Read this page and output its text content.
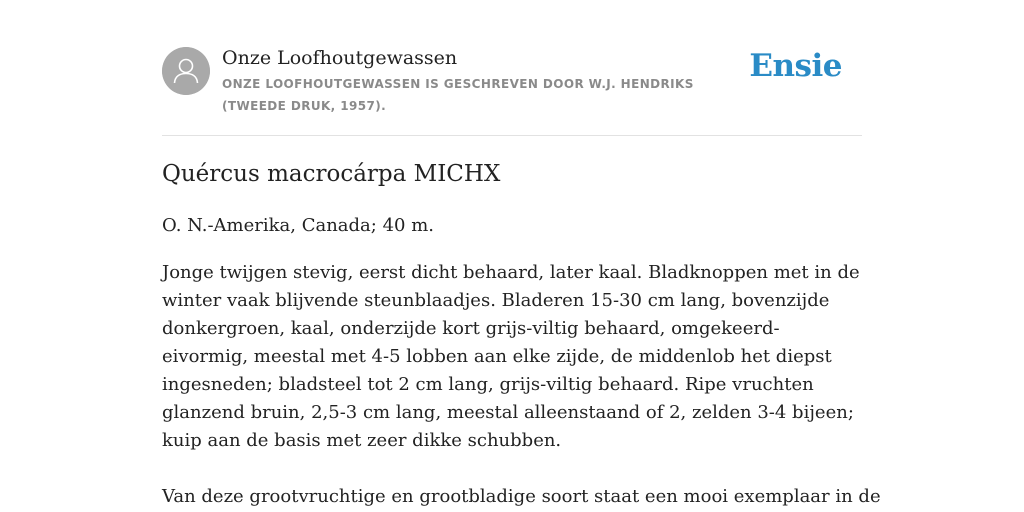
Onze Loofhoutgewassen
ONZE LOOFHOUTGEWASSEN IS GESCHREVEN DOOR W.J. HENDRIKS (TWEEDE DRUK, 1957).
Ensie
Quércus macrocárpa MICHX

O. N.-Amerika, Canada; 40 m.

Jonge twijgen stevig, eerst dicht behaard, later kaal. Bladknoppen met in de winter vaak blijvende steunblaadjes. Bladeren 15-30 cm lang, bovenzijde donkergroen, kaal, onderzijde kort grijs-viltig behaard, omgekeerd-eivormig, meestal met 4-5 lobben aan elke zijde, de middenlob het diepst ingesneden; bladsteel tot 2 cm lang, grijs-viltig behaard. Ripe vruchten glanzend bruin, 2,5-3 cm lang, meestal alleenstaand of 2, zelden 3-4 bijeen; kuip aan de basis met zeer dikke schubben.

Van deze grootvruchtige en grootbladige soort staat een mooi exemplaar in de
